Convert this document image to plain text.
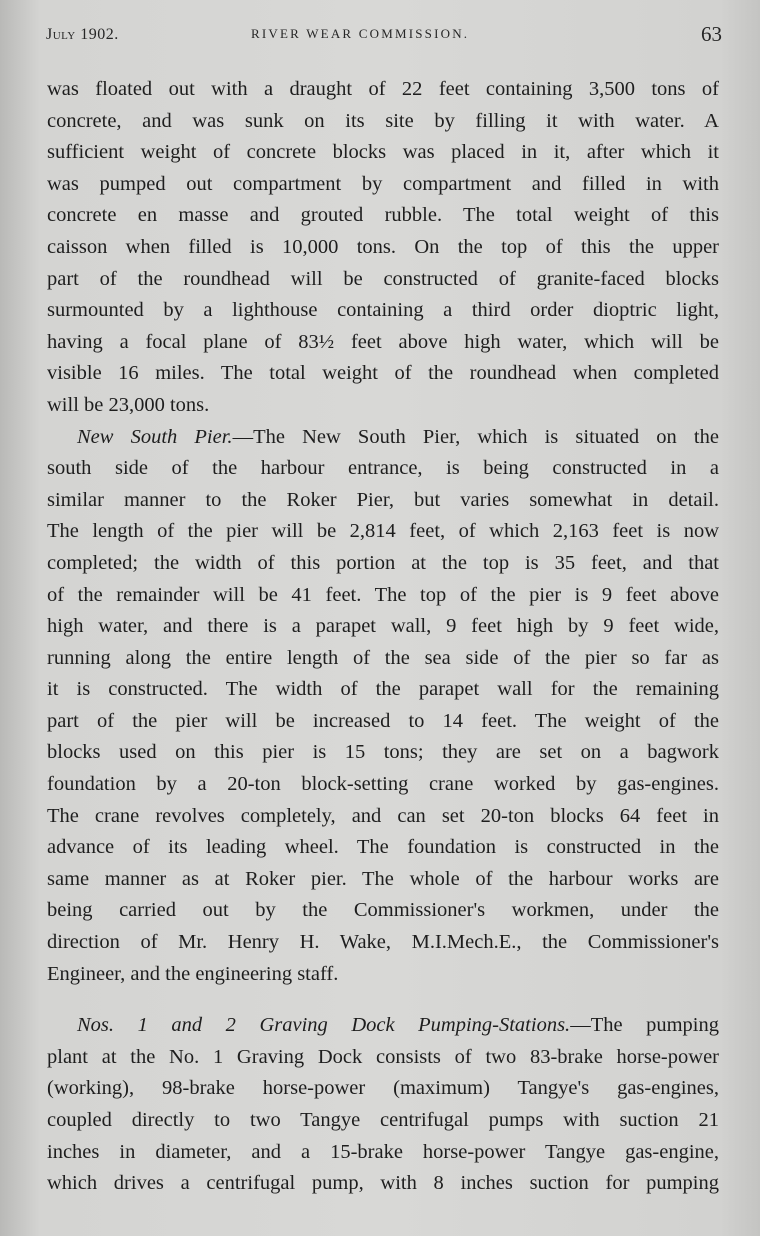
July 1902.	RIVER WEAR COMMISSION.	63
was floated out with a draught of 22 feet containing 3,500 tons of
concrete, and was sunk on its site by filling it with water. A
sufficient weight of concrete blocks was placed in it, after which it
was pumped out compartment by compartment and filled in with
concrete en masse and grouted rubble. The total weight of this
caisson when filled is 10,000 tons. On the top of this the upper
part of the roundhead will be constructed of granite-faced blocks
surmounted by a lighthouse containing a third order dioptric light,
having a focal plane of 83½ feet above high water, which will be
visible 16 miles. The total weight of the roundhead when completed
will be 23,000 tons.
New South Pier.—The New South Pier, which is situated on the
south side of the harbour entrance, is being constructed in a
similar manner to the Roker Pier, but varies somewhat in detail.
The length of the pier will be 2,814 feet, of which 2,163 feet is now
completed; the width of this portion at the top is 35 feet, and that
of the remainder will be 41 feet. The top of the pier is 9 feet above
high water, and there is a parapet wall, 9 feet high by 9 feet wide,
running along the entire length of the sea side of the pier so far as
it is constructed. The width of the parapet wall for the remaining
part of the pier will be increased to 14 feet. The weight of the
blocks used on this pier is 15 tons; they are set on a bagwork
foundation by a 20-ton block-setting crane worked by gas-engines.
The crane revolves completely, and can set 20-ton blocks 64 feet in
advance of its leading wheel. The foundation is constructed in the
same manner as at Roker pier. The whole of the harbour works are
being carried out by the Commissioner's workmen, under the
direction of Mr. Henry H. Wake, M.I.Mech.E., the Commissioner's
Engineer, and the engineering staff.
Nos. 1 and 2 Graving Dock Pumping-Stations.—The pumping
plant at the No. 1 Graving Dock consists of two 83-brake horse-power
(working), 98-brake horse-power (maximum) Tangye's gas-engines,
coupled directly to two Tangye centrifugal pumps with suction 21
inches in diameter, and a 15-brake horse-power Tangye gas-engine,
which drives a centrifugal pump, with 8 inches suction for pumping
